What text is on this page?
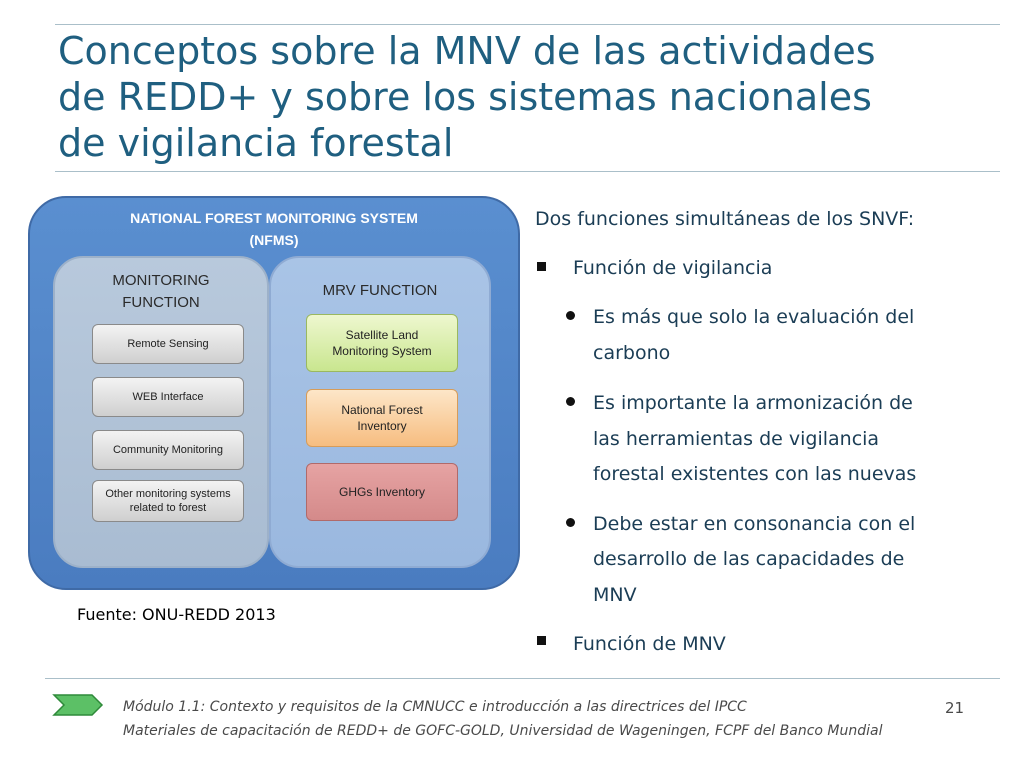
Conceptos sobre la MNV de las actividades
de REDD+ y sobre los sistemas nacionales
de vigilancia forestal
NATIONAL FOREST MONITORING SYSTEM
(NFMS)
MONITORING
FUNCTION
MRV FUNCTION
Remote Sensing
WEB Interface
Community Monitoring
Other monitoring systems related to forest
Satellite Land Monitoring System
National Forest Inventory
GHGs Inventory
Fuente: ONU-REDD 2013
Dos funciones simultáneas de los SNVF:
Función de vigilancia
Es más que solo la evaluación del
carbono
Es importante la armonización de
las herramientas de vigilancia
forestal existentes con las nuevas
Debe estar en consonancia con el
desarrollo de las capacidades de
MNV
Función de MNV
Módulo 1.1: Contexto y requisitos de la CMNUCC e introducción a las directrices del IPCC
Materiales de capacitación de REDD+ de GOFC-GOLD, Universidad de Wageningen, FCPF del Banco Mundial
21
